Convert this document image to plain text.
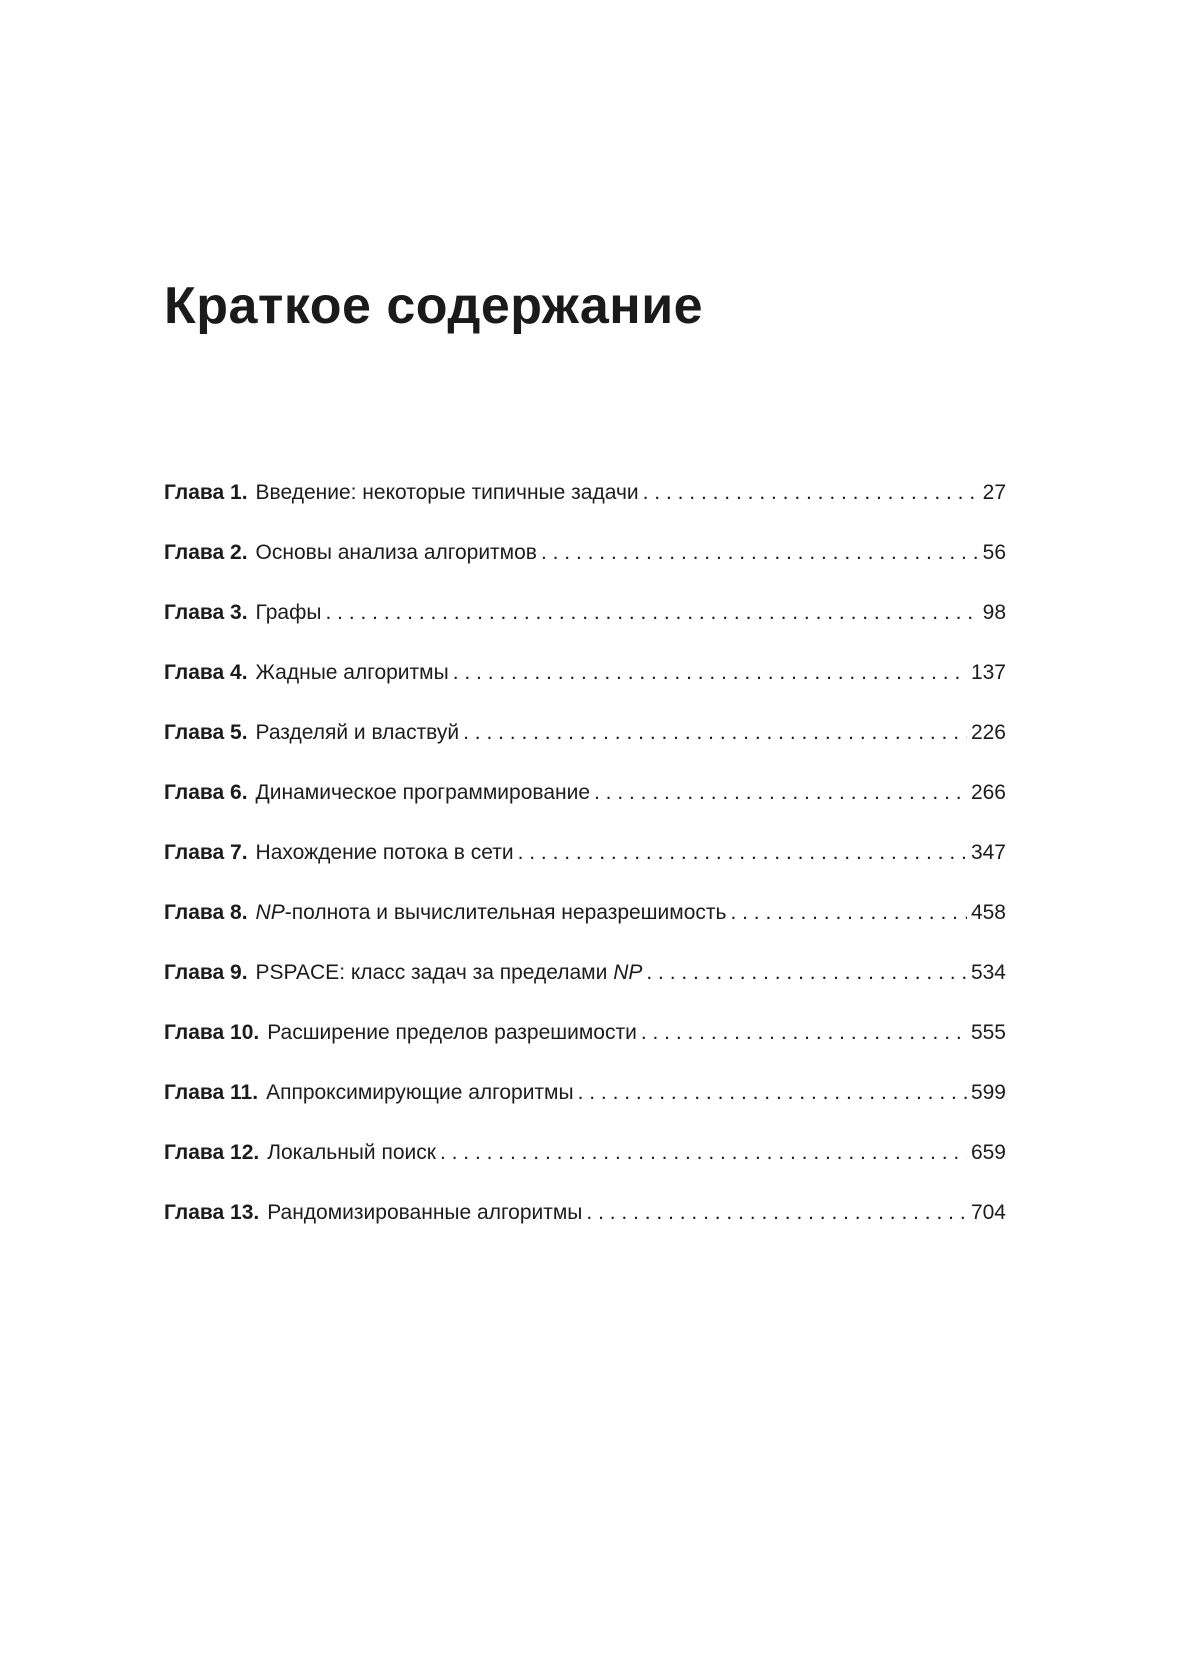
Краткое содержание
Глава 1. Введение: некоторые типичные задачи . . .	27
Глава 2. Основы анализа алгоритмов . . .	56
Глава 3. Графы . . .	98
Глава 4. Жадные алгоритмы . . .	137
Глава 5. Разделяй и властвуй . . .	226
Глава 6. Динамическое программирование . . .	266
Глава 7. Нахождение потока в сети . . .	347
Глава 8. NP-полнота и вычислительная неразрешимость . . .	458
Глава 9. PSPACE: класс задач за пределами NP . . .	534
Глава 10. Расширение пределов разрешимости . . .	555
Глава 11. Аппроксимирующие алгоритмы . . .	599
Глава 12. Локальный поиск . . .	659
Глава 13. Рандомизированные алгоритмы . . .	704
